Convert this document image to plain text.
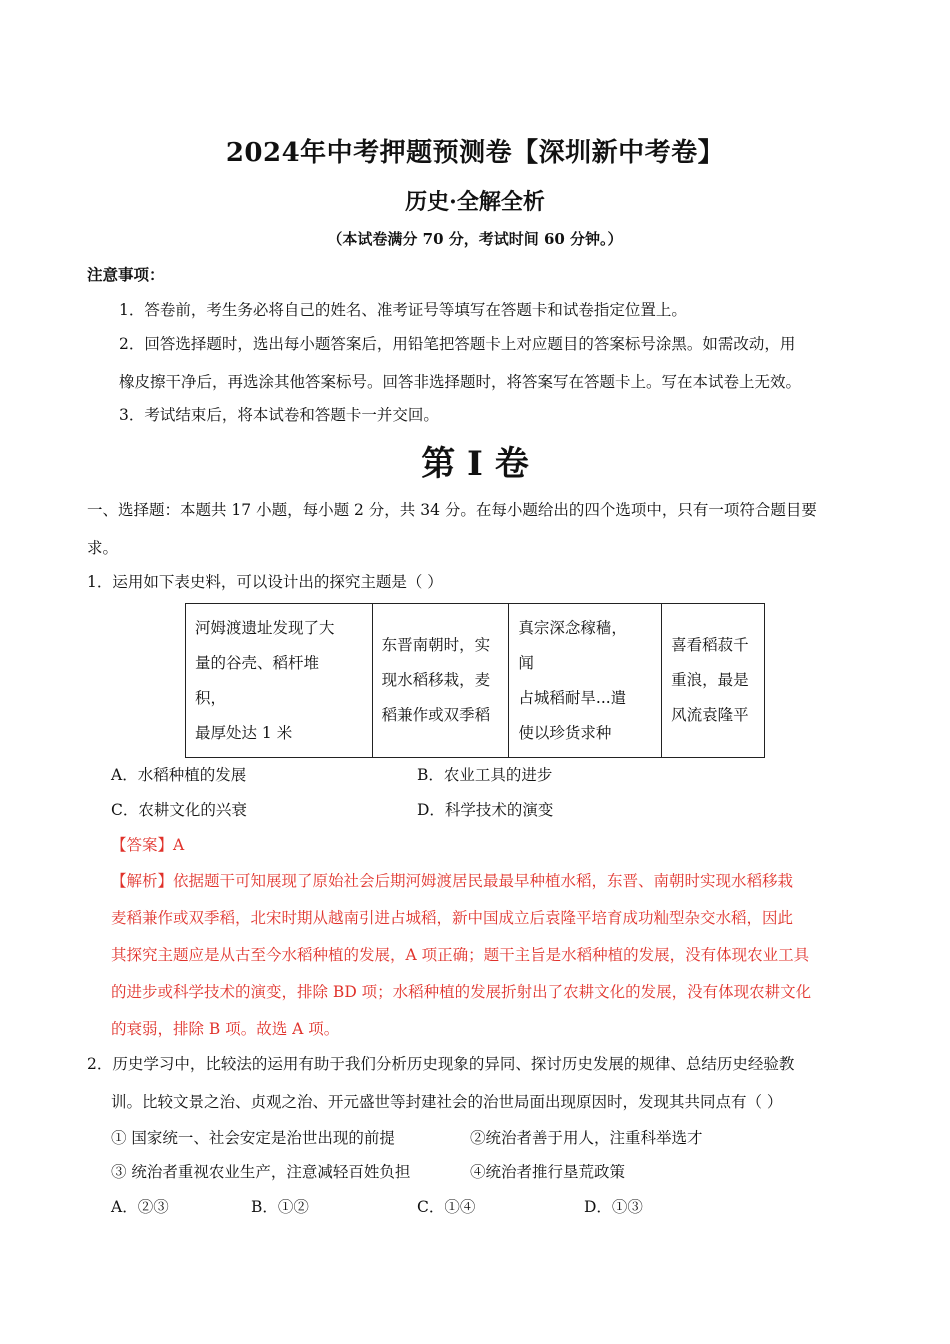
2024年中考押题预测卷【深圳新中考卷】
历史·全解全析
（本试卷满分 70 分，考试时间 60 分钟。）
注意事项：
1．答卷前，考生务必将自己的姓名、准考证号等填写在答题卡和试卷指定位置上。
2．回答选择题时，选出每小题答案后，用铅笔把答题卡上对应题目的答案标号涂黑。如需改动，用
橡皮擦干净后，再选涂其他答案标号。回答非选择题时，将答案写在答题卡上。写在本试卷上无效。
3．考试结束后，将本试卷和答题卡一并交回。
第 I 卷
一、选择题：本题共 17 小题，每小题 2 分，共 34 分。在每小题给出的四个选项中，只有一项符合题目要
求。
1．运用如下表史料，可以设计出的探究主题是（ ）
河姆渡遗址发现了大
量的谷壳、稻杆堆
积，
最厚处达 1 米

东晋南朝时，实
现水稻移栽，麦
稻兼作或双季稻

真宗深念稼穑，
闻
占城稻耐旱...遣
使以珍货求种

喜看稻菽千
重浪，最是
风流袁隆平
A．水稻种植的发展	B．农业工具的进步
C．农耕文化的兴衰	D．科学技术的演变
【答案】A
【解析】依据题干可知展现了原始社会后期河姆渡居民最最早种植水稻，东晋、南朝时实现水稻移栽
麦稻兼作或双季稻，北宋时期从越南引进占城稻，新中国成立后袁隆平培育成功籼型杂交水稻，因此
其探究主题应是从古至今水稻种植的发展，A 项正确；题干主旨是水稻种植的发展，没有体现农业工具
的进步或科学技术的演变，排除 BD 项；水稻种植的发展折射出了农耕文化的发展，没有体现农耕文化
的衰弱，排除 B 项。故选 A 项。
2．历史学习中，比较法的运用有助于我们分析历史现象的异同、探讨历史发展的规律、总结历史经验教
训。比较文景之治、贞观之治、开元盛世等封建社会的治世局面出现原因时，发现其共同点有（ ）
① 国家统一、社会安定是治世出现的前提	②统治者善于用人，注重科举选才
③ 统治者重视农业生产，注意减轻百姓负担	④统治者推行垦荒政策
A．②③	B．①②	C．①④	D．①③
